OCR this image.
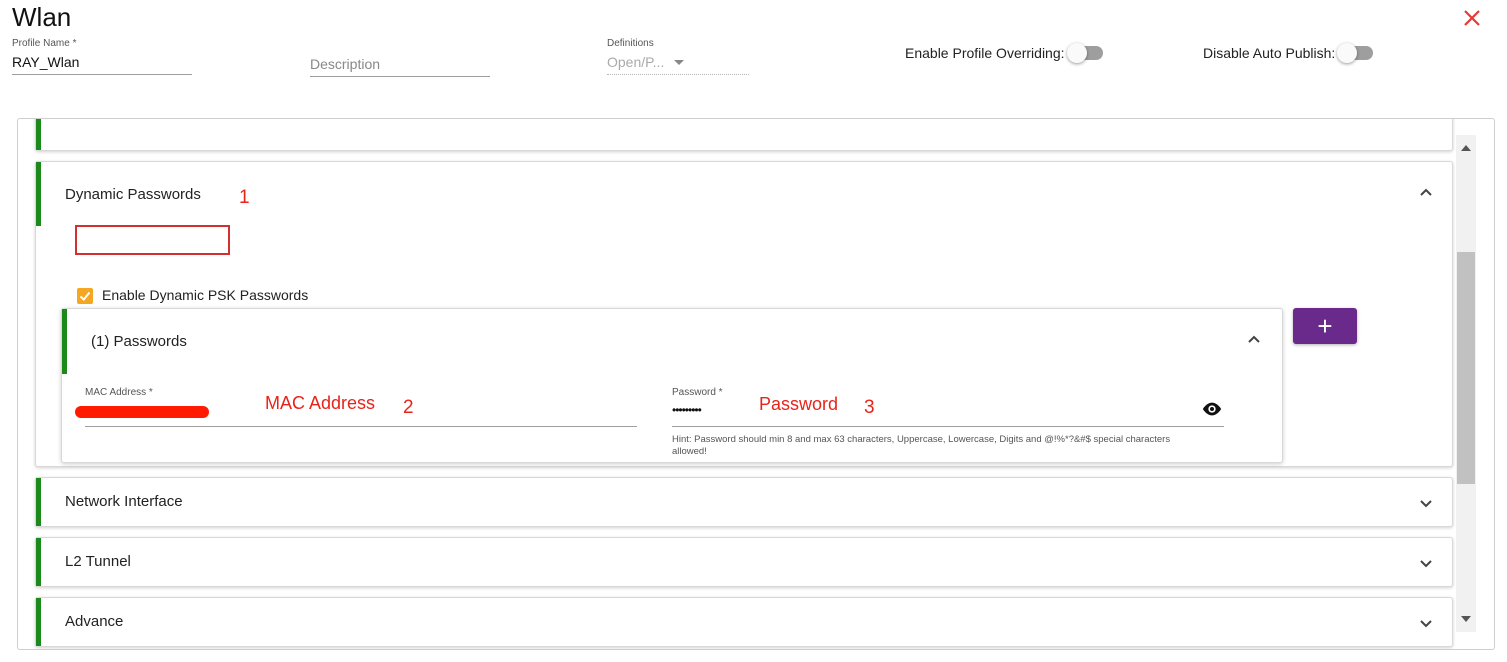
Wlan
Profile Name *
RAY_Wlan	Description
Definitions
Open/P...
Enable Profile Overriding:	Disable Auto Publish:
Dynamic Passwords 1
Enable Dynamic PSK Passwords
(1) Passwords
MAC Address *
MAC Address 2
Password *
•••••••••	Password 3
Hint: Password should min 8 and max 63 characters, Uppercase, Lowercase, Digits and @!%*?&#$ special characters allowed!
+
Network Interface
L2 Tunnel
Advance
